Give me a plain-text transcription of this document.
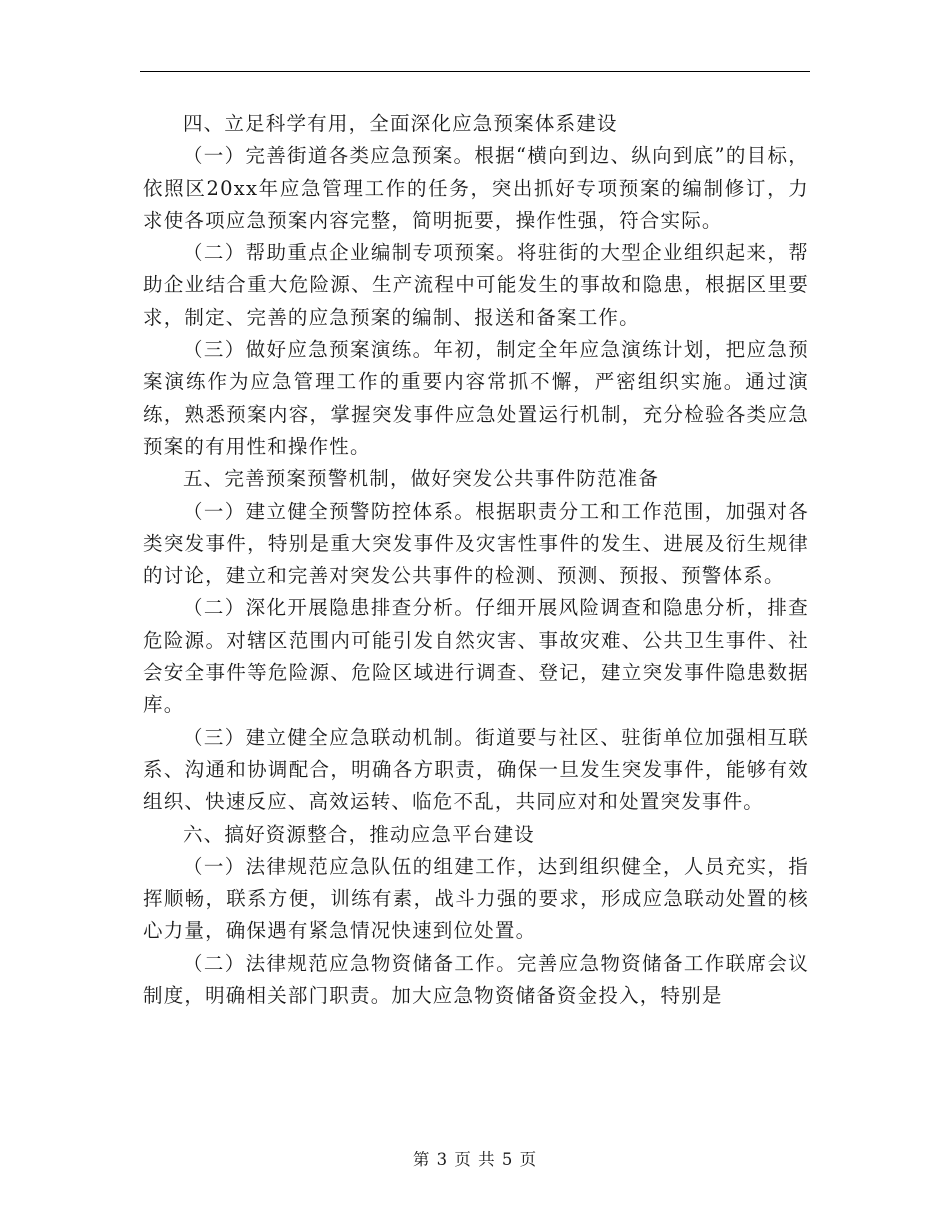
四、立足科学有用，全面深化应急预案体系建设

（一）完善街道各类应急预案。根据“横向到边、纵向到底”的目标，依照区20xx年应急管理工作的任务，突出抓好专项预案的编制修订，力求使各项应急预案内容完整，简明扼要，操作性强，符合实际。

（二）帮助重点企业编制专项预案。将驻街的大型企业组织起来，帮助企业结合重大危险源、生产流程中可能发生的事故和隐患，根据区里要求，制定、完善的应急预案的编制、报送和备案工作。

（三）做好应急预案演练。年初，制定全年应急演练计划，把应急预案演练作为应急管理工作的重要内容常抓不懈，严密组织实施。通过演练，熟悉预案内容，掌握突发事件应急处置运行机制，充分检验各类应急预案的有用性和操作性。

五、完善预案预警机制，做好突发公共事件防范准备

（一）建立健全预警防控体系。根据职责分工和工作范围，加强对各类突发事件，特别是重大突发事件及灾害性事件的发生、进展及衍生规律的讨论，建立和完善对突发公共事件的检测、预测、预报、预警体系。

（二）深化开展隐患排查分析。仔细开展风险调查和隐患分析，排查危险源。对辖区范围内可能引发自然灾害、事故灾难、公共卫生事件、社会安全事件等危险源、危险区域进行调查、登记，建立突发事件隐患数据库。

（三）建立健全应急联动机制。街道要与社区、驻街单位加强相互联系、沟通和协调配合，明确各方职责，确保一旦发生突发事件，能够有效组织、快速反应、高效运转、临危不乱，共同应对和处置突发事件。

六、搞好资源整合，推动应急平台建设

（一）法律规范应急队伍的组建工作，达到组织健全，人员充实，指挥顺畅，联系方便，训练有素，战斗力强的要求，形成应急联动处置的核心力量，确保遇有紧急情况快速到位处置。

（二）法律规范应急物资储备工作。完善应急物资储备工作联席会议制度，明确相关部门职责。加大应急物资储备资金投入，特别是

第 3 页 共 5 页
